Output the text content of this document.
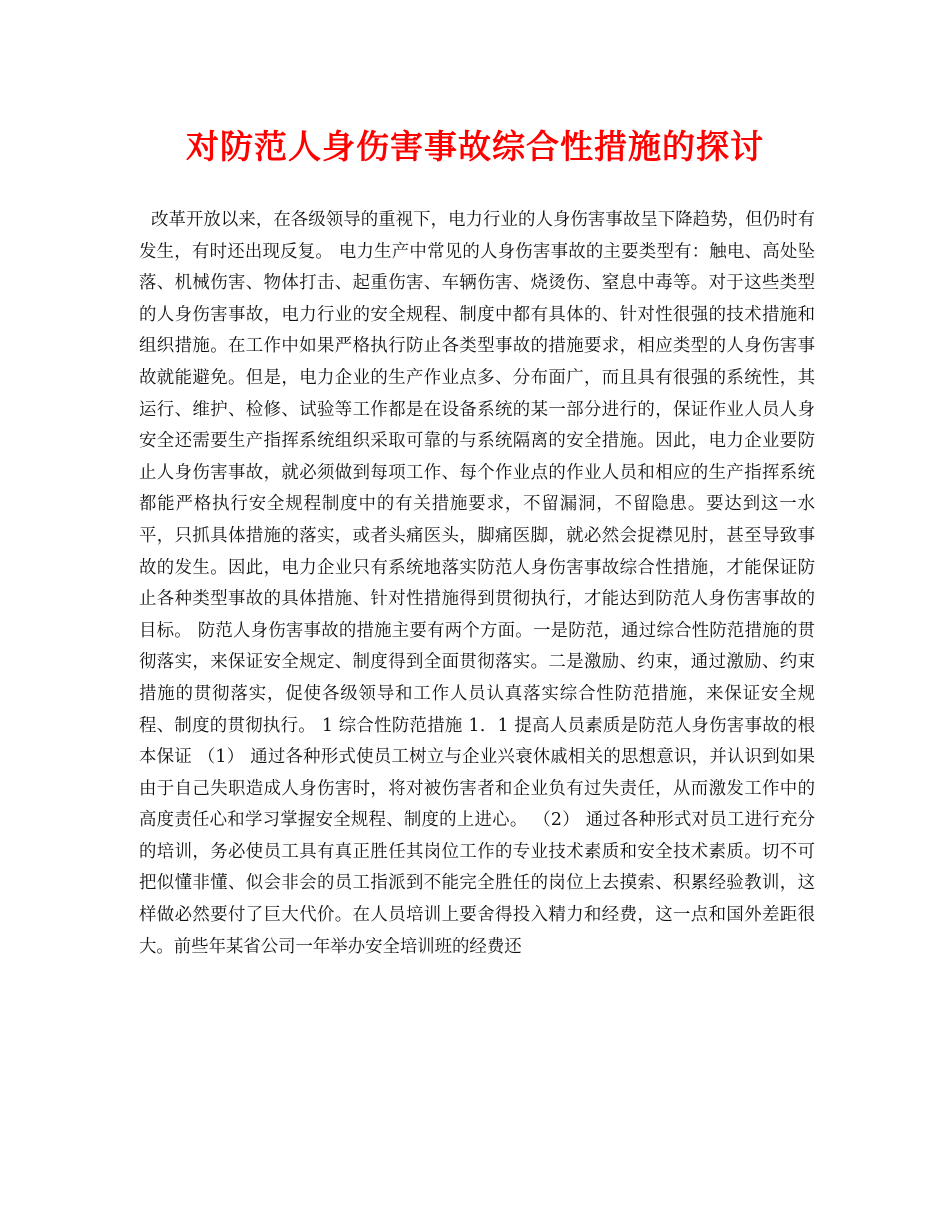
对防范人身伤害事故综合性措施的探讨

改革开放以来，在各级领导的重视下，电力行业的人身伤害事故呈下降趋势，但仍时有发生，有时还出现反复。 电力生产中常见的人身伤害事故的主要类型有：触电、高处坠落、机械伤害、物体打击、起重伤害、车辆伤害、烧烫伤、窒息中毒等。对于这些类型的人身伤害事故，电力行业的安全规程、制度中都有具体的、针对性很强的技术措施和组织措施。在工作中如果严格执行防止各类型事故的措施要求，相应类型的人身伤害事故就能避免。但是，电力企业的生产作业点多、分布面广，而且具有很强的系统性，其运行、维护、检修、试验等工作都是在设备系统的某一部分进行的，保证作业人员人身安全还需要生产指挥系统组织采取可靠的与系统隔离的安全措施。因此，电力企业要防止人身伤害事故，就必须做到每项工作、每个作业点的作业人员和相应的生产指挥系统都能严格执行安全规程制度中的有关措施要求，不留漏洞，不留隐患。要达到这一水平，只抓具体措施的落实，或者头痛医头，脚痛医脚，就必然会捉襟见肘，甚至导致事故的发生。因此，电力企业只有系统地落实防范人身伤害事故综合性措施，才能保证防止各种类型事故的具体措施、针对性措施得到贯彻执行，才能达到防范人身伤害事故的目标。 防范人身伤害事故的措施主要有两个方面。一是防范，通过综合性防范措施的贯彻落实，来保证安全规定、制度得到全面贯彻落实。二是激励、约束，通过激励、约束措施的贯彻落实，促使各级领导和工作人员认真落实综合性防范措施，来保证安全规程、制度的贯彻执行。 1 综合性防范措施 1．1 提高人员素质是防范人身伤害事故的根本保证 （1） 通过各种形式使员工树立与企业兴衰休戚相关的思想意识，并认识到如果由于自己失职造成人身伤害时，将对被伤害者和企业负有过失责任，从而激发工作中的高度责任心和学习掌握安全规程、制度的上进心。 （2） 通过各种形式对员工进行充分的培训，务必使员工具有真正胜任其岗位工作的专业技术素质和安全技术素质。切不可把似懂非懂、似会非会的员工指派到不能完全胜任的岗位上去摸索、积累经验教训，这样做必然要付了巨大代价。在人员培训上要舍得投入精力和经费，这一点和国外差距很大。前些年某省公司一年举办安全培训班的经费还
